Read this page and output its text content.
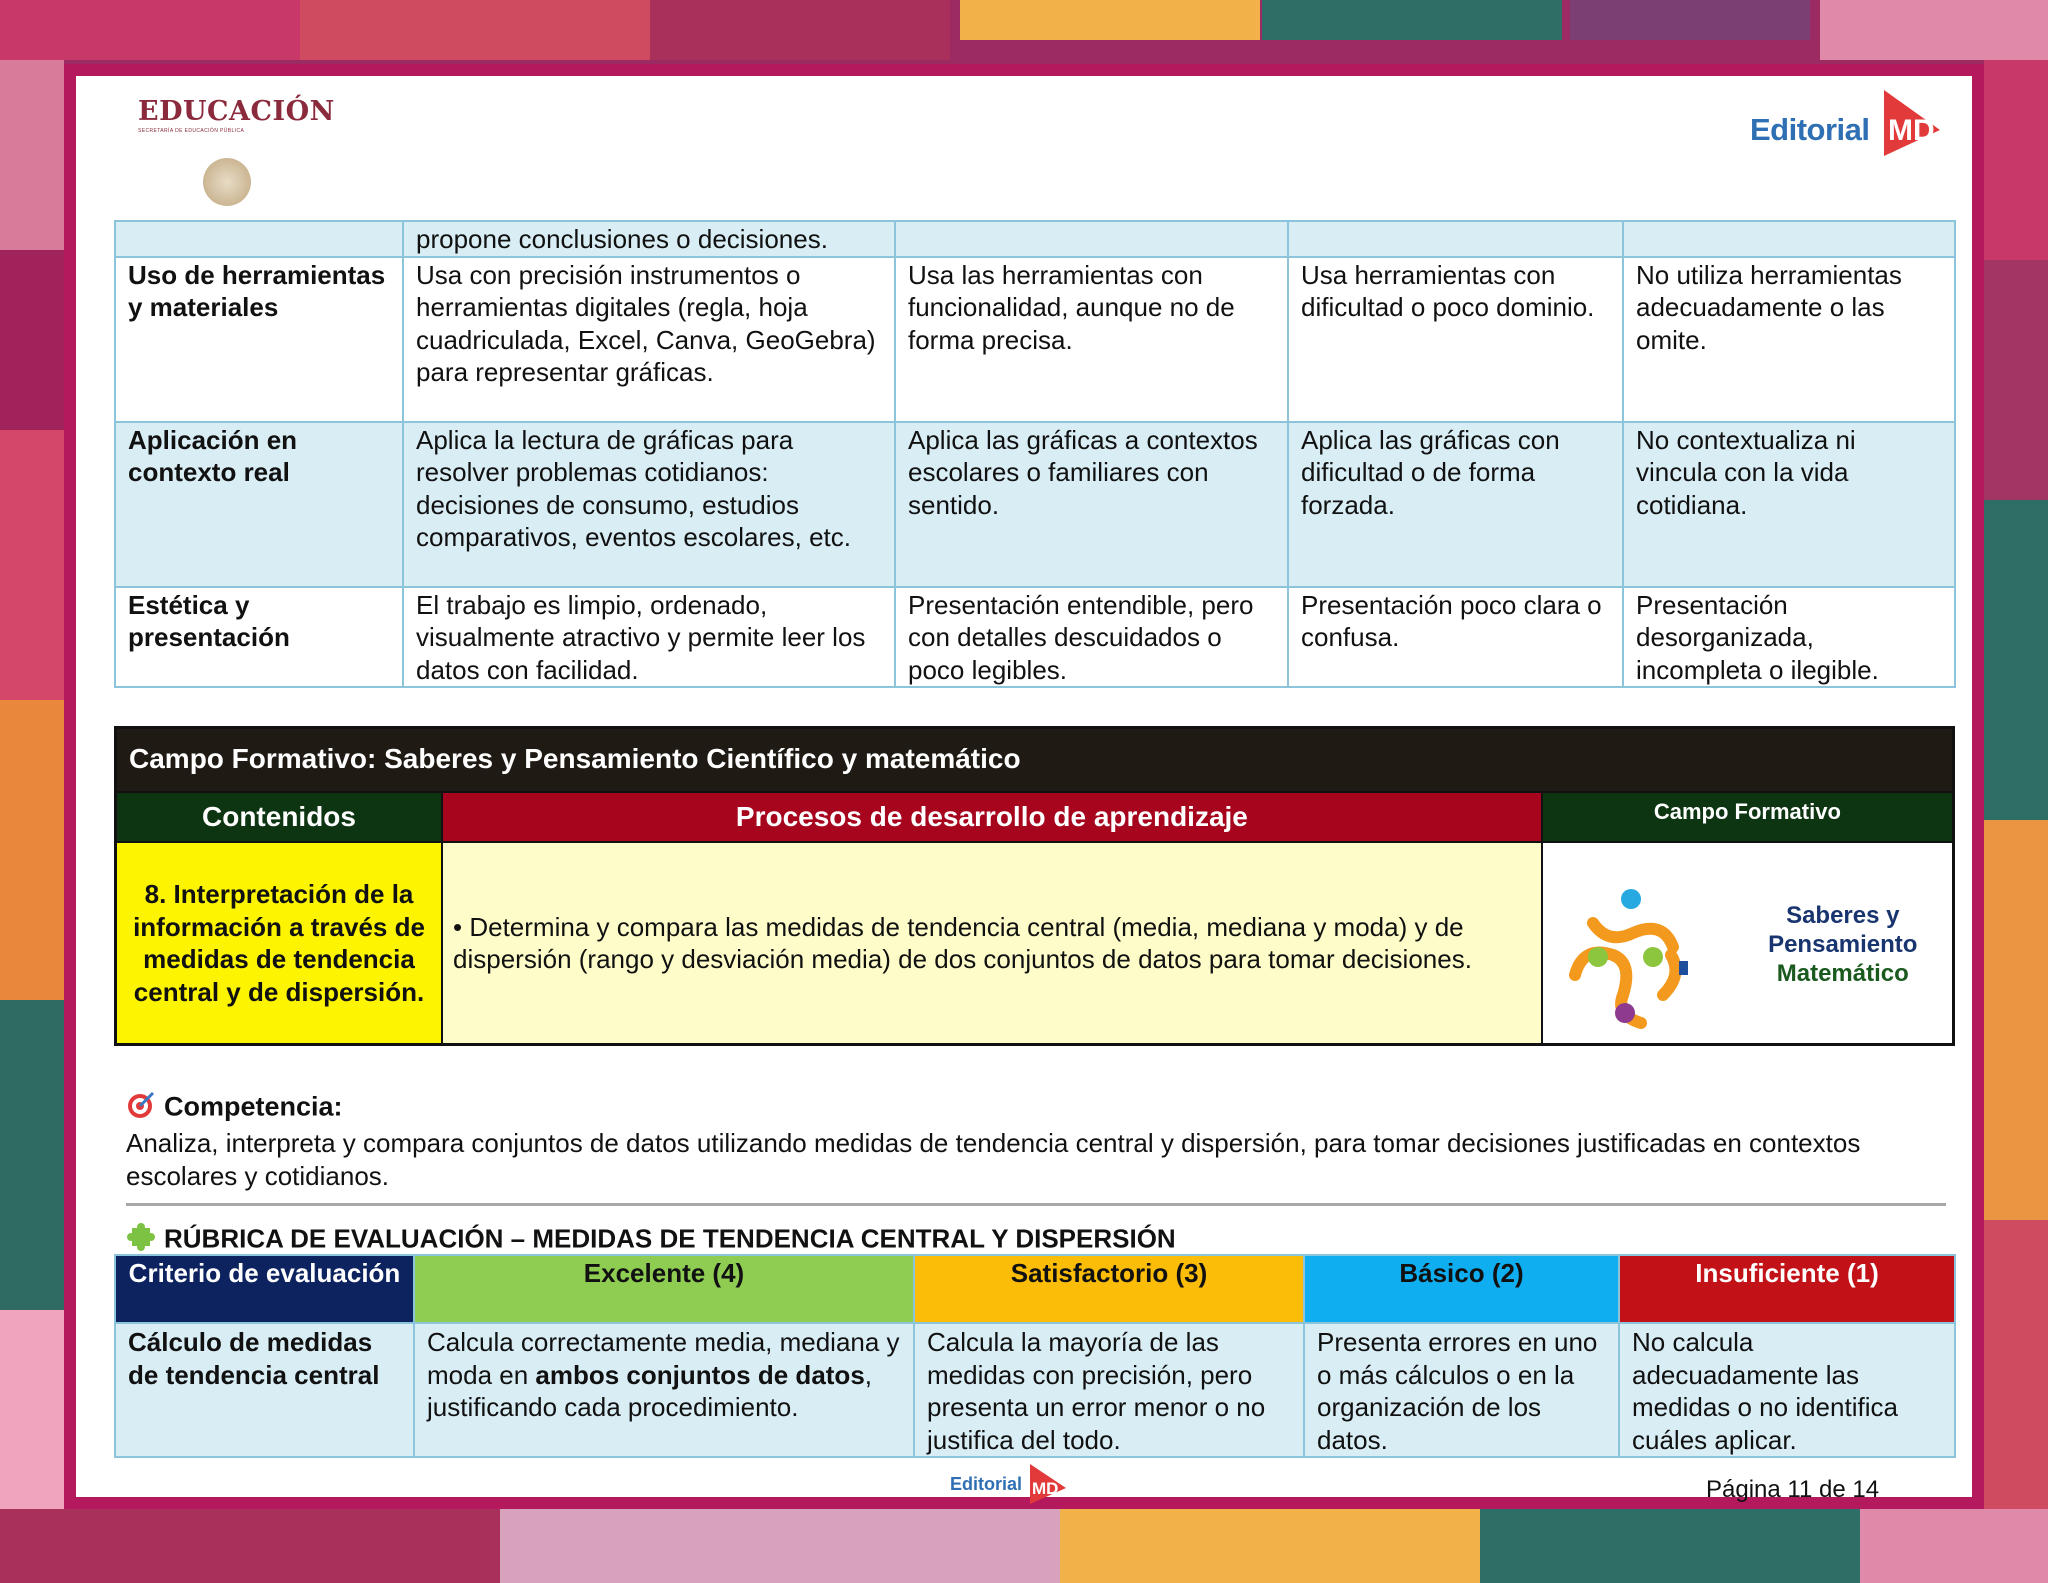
EDUCACIÓN
SECRETARÍA DE EDUCACIÓN PÚBLICA	Editorial MD
	propone conclusiones o decisiones.			
Uso de herramientas y materiales	Usa con precisión instrumentos o herramientas digitales (regla, hoja cuadriculada, Excel, Canva, GeoGebra) para representar gráficas.	Usa las herramientas con funcionalidad, aunque no de forma precisa.	Usa herramientas con dificultad o poco dominio.	No utiliza herramientas adecuadamente o las omite.
Aplicación en contexto real	Aplica la lectura de gráficas para resolver problemas cotidianos: decisiones de consumo, estudios comparativos, eventos escolares, etc.	Aplica las gráficas a contextos escolares o familiares con sentido.	Aplica las gráficas con dificultad o de forma forzada.	No contextualiza ni vincula con la vida cotidiana.
Estética y presentación	El trabajo es limpio, ordenado, visualmente atractivo y permite leer los datos con facilidad.	Presentación entendible, pero con detalles descuidados o poco legibles.	Presentación poco clara o confusa.	Presentación desorganizada, incompleta o ilegible.
Campo Formativo: Saberes y Pensamiento Científico y matemático		
Contenidos	Procesos de desarrollo de aprendizaje	Campo Formativo
8. Interpretación de la información a través de medidas de tendencia central y de dispersión.	• Determina y compara las medidas de tendencia central (media, mediana y moda) y de dispersión (rango y desviación media) de dos conjuntos de datos para tomar decisiones.	Saberes y
Pensamiento
Matemático
Competencia:
Analiza, interpreta y compara conjuntos de datos utilizando medidas de tendencia central y dispersión, para tomar decisiones justificadas en contextos escolares y cotidianos.
RÚBRICA DE EVALUACIÓN – MEDIDAS DE TENDENCIA CENTRAL Y DISPERSIÓN
Criterio de evaluación	Excelente (4)	Satisfactorio (3)	Básico (2)	Insuficiente (1)
Cálculo de medidas de tendencia central	Calcula correctamente media, mediana y moda en ambos conjuntos de datos, justificando cada procedimiento.	Calcula la mayoría de las medidas con precisión, pero presenta un error menor o no justifica del todo.	Presenta errores en uno o más cálculos o en la organización de los datos.	No calcula adecuadamente las medidas o no identifica cuáles aplicar.
Editorial MD	Página 11 de 14
